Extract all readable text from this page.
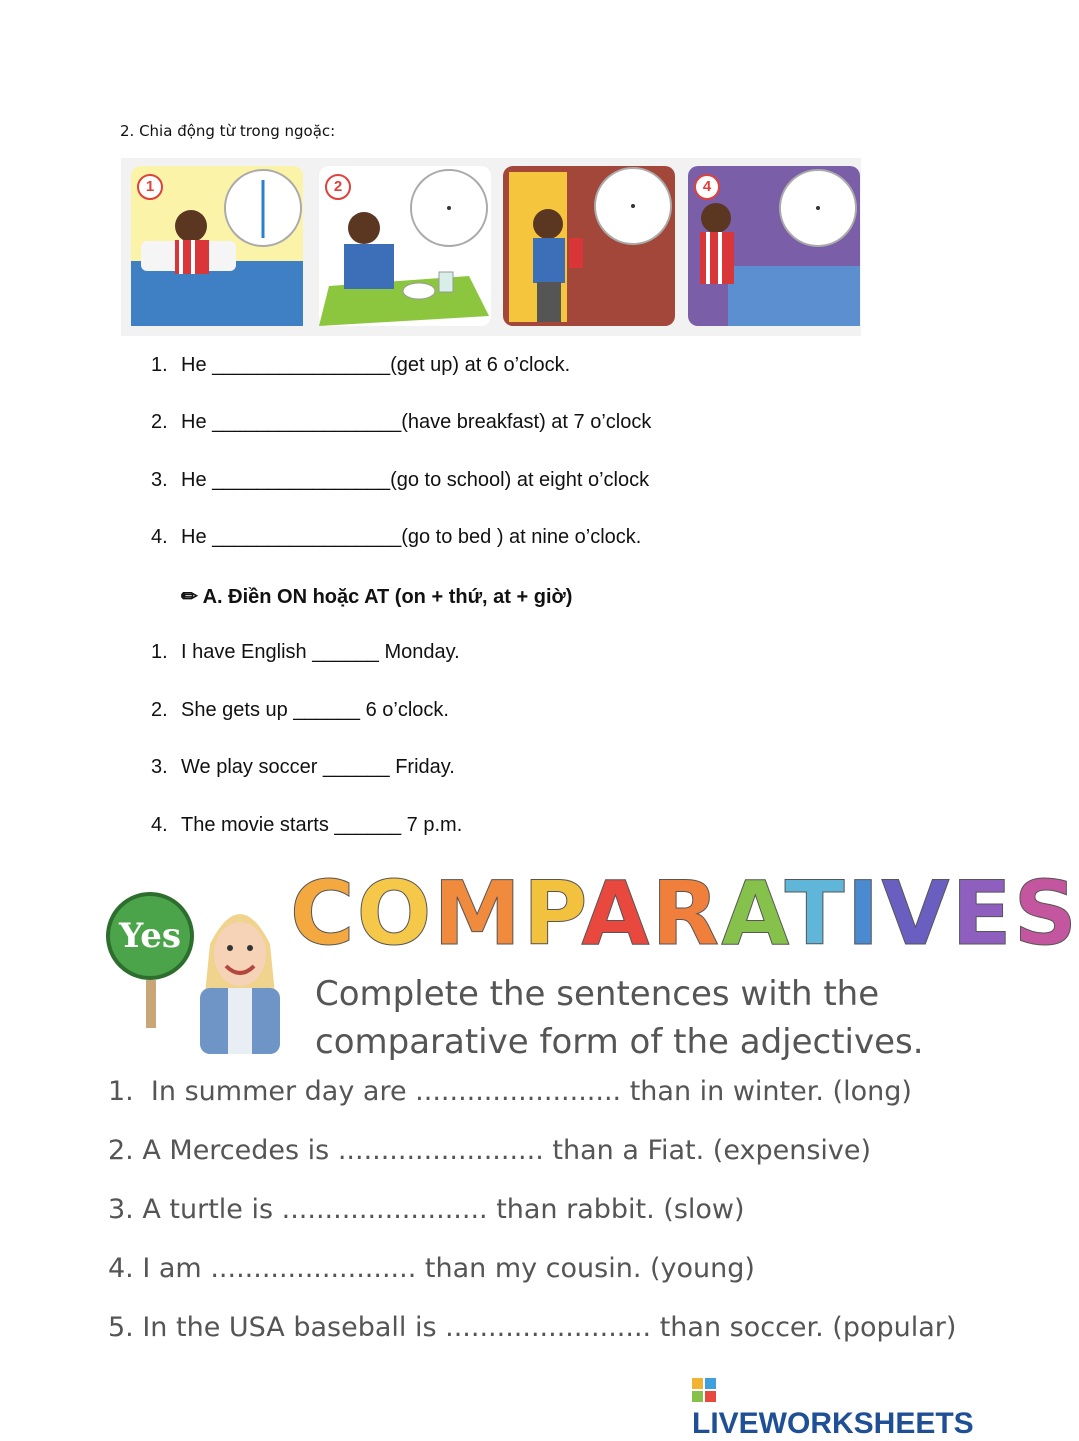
2. Chia động từ trong ngoặc:
1	2	4
1. He ________________(get up) at 6 o’clock.
2. He _________________(have breakfast) at 7 o’clock
3. He ________________(go to school) at eight o’clock
4. He _________________(go to bed ) at nine o’clock.
✏ A. Điền ON hoặc AT (on + thứ, at + giờ)
1. I have English ______ Monday.
2. She gets up ______ 6 o’clock.
3. We play soccer ______ Friday.
4. The movie starts ______ 7 p.m.
Yes COMPARATIVES
Complete the sentences with the comparative form of the adjectives.
1.  In summer day are ........................ than in winter. (long)
2. A Mercedes is ........................ than a Fiat. (expensive)
3. A turtle is ........................ than rabbit. (slow)
4. I am ........................ than my cousin. (young)
5. In the USA baseball is ........................ than soccer. (popular)
LIVEWORKSHEETS
